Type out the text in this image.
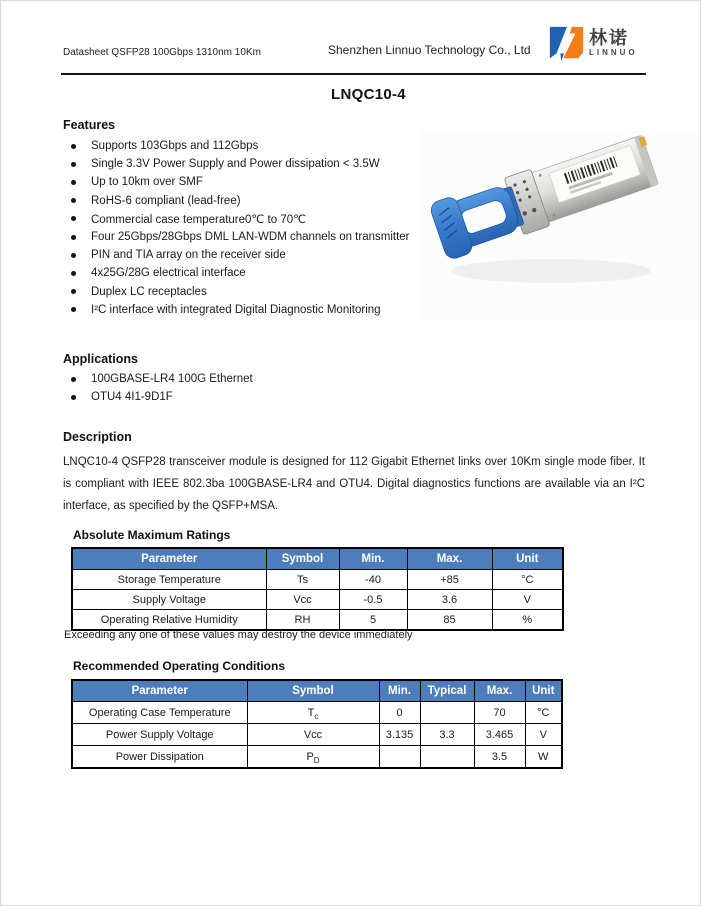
Datasheet QSFP28 100Gbps 1310nm 10Km	Shenzhen Linnuo Technology Co., Ltd
林诺
LINNUO
LNQC10-4
Features
Supports 103Gbps and 112Gbps
Single 3.3V Power Supply and Power dissipation < 3.5W
Up to 10km over SMF
RoHS-6 compliant (lead-free)
Commercial case temperature0℃ to 70℃
Four 25Gbps/28Gbps DML LAN-WDM channels on transmitter
PIN and TIA array on the receiver side
4x25G/28G electrical interface
Duplex LC receptacles
I²C interface with integrated Digital Diagnostic Monitoring
Applications
100GBASE-LR4 100G Ethernet
OTU4 4I1-9D1F
Description
LNQC10-4 QSFP28 transceiver module is designed for 112 Gigabit Ethernet links over 10Km single mode fiber. It
is compliant with IEEE 802.3ba 100GBASE-LR4 and OTU4. Digital diagnostics functions are available via an I²C
interface, as specified by the QSFP+MSA.
Absolute Maximum Ratings
Parameter	Symbol	Min.	Max.	Unit
Storage Temperature	Ts	-40	+85	°C
Supply Voltage	Vcc	-0.5	3.6	V
Operating Relative Humidity	RH	5	85	%
Exceeding any one of these values may destroy the device immediately
Recommended Operating Conditions
Parameter	Symbol	Min.	Typical	Max.	Unit
Operating Case Temperature	$T_c$	0		70	°C
Power Supply Voltage	Vcc	3.135	3.3	3.465	V
Power Dissipation	$P_D$			3.5	W
